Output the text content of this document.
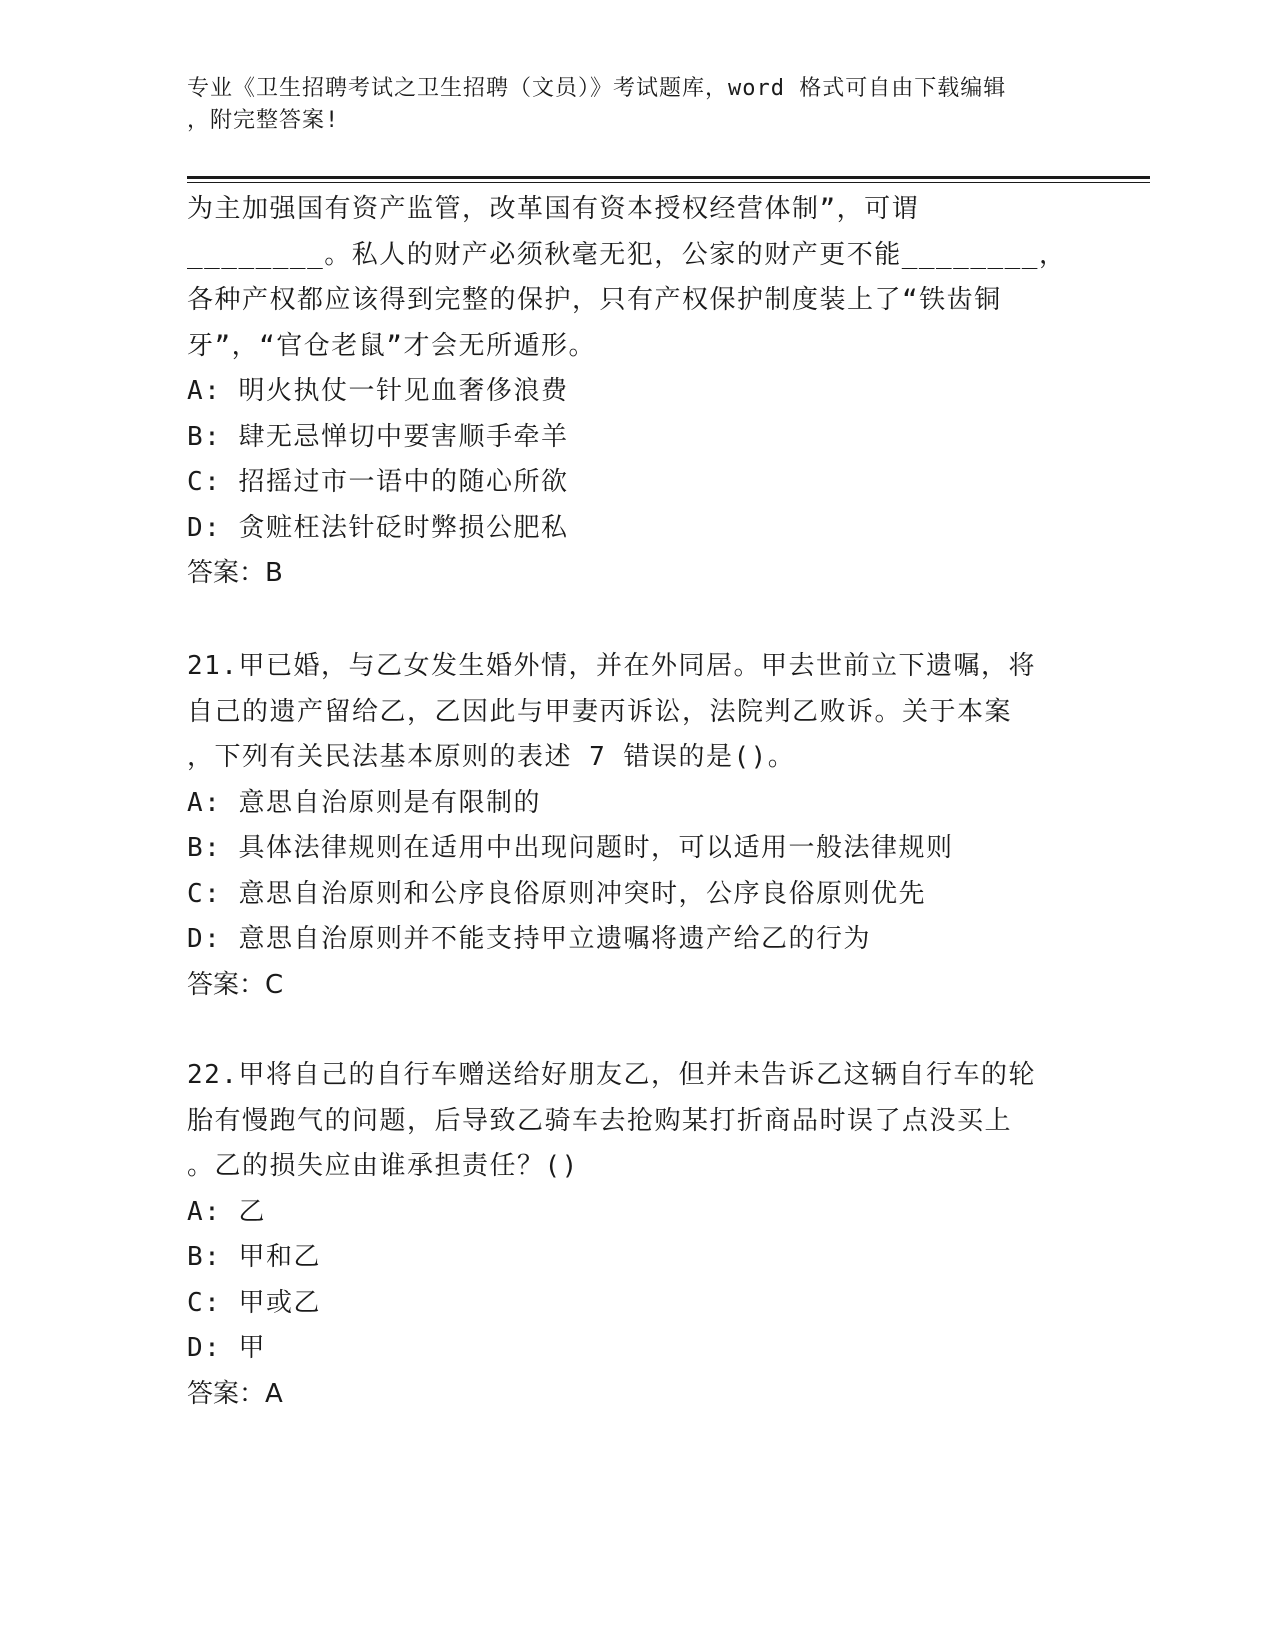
专业《卫生招聘考试之卫生招聘（文员）》考试题库，word 格式可自由下载编辑
，附完整答案!
为主加强国有资产监管，改革国有资本授权经营体制”，可谓
________。私人的财产必须秋毫无犯，公家的财产更不能________，
各种产权都应该得到完整的保护，只有产权保护制度装上了“铁齿铜
牙”，“官仓老鼠”才会无所遁形。
A: 明火执仗一针见血奢侈浪费
B: 肆无忌惮切中要害顺手牵羊
C: 招摇过市一语中的随心所欲
D: 贪赃枉法针砭时弊损公肥私
答案：B
21.甲已婚，与乙女发生婚外情，并在外同居。甲去世前立下遗嘱，将
自己的遗产留给乙，乙因此与甲妻丙诉讼，法院判乙败诉。关于本案
，下列有关民法基本原则的表述 7 错误的是()。
A: 意思自治原则是有限制的
B: 具体法律规则在适用中出现问题时，可以适用一般法律规则
C: 意思自治原则和公序良俗原则冲突时，公序良俗原则优先
D: 意思自治原则并不能支持甲立遗嘱将遗产给乙的行为
答案：C
22.甲将自己的自行车赠送给好朋友乙，但并未告诉乙这辆自行车的轮
胎有慢跑气的问题，后导致乙骑车去抢购某打折商品时误了点没买上
。乙的损失应由谁承担责任？()
A: 乙
B: 甲和乙
C: 甲或乙
D: 甲
答案：A
